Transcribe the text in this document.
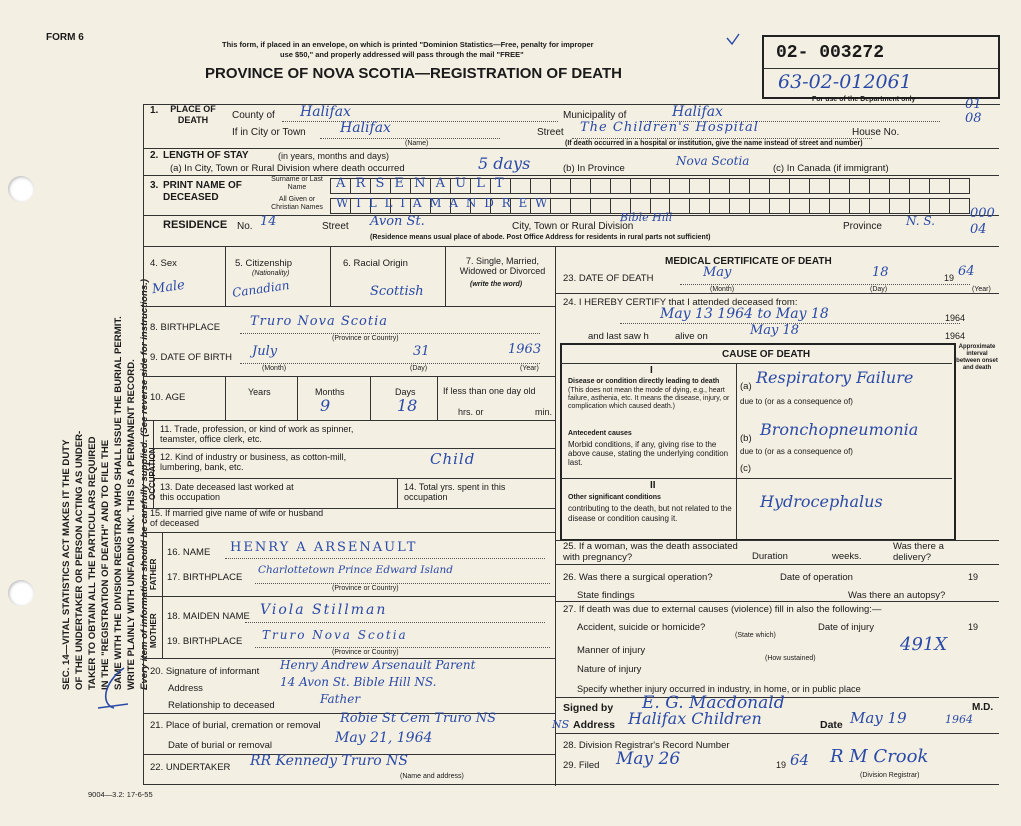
FORM 6
SEC. 14—VITAL STATISTICS ACT MAKES IT THE DUTY OF THE UNDERTAKER OR PERSON ACTING AS UNDER- TAKER TO OBTAIN ALL THE PARTICULARS REQUIRED IN THE "REGISTRATION OF DEATH" AND TO FILE THE SAME WITH THE DIVISION REGISTRAR WHO SHALL ISSUE THE BURIAL PERMIT. WRITE PLAINLY WITH UNFADING INK. THIS IS A PERMANENT RECORD. Every item of information should be carefully supplied. (See reverse side for instructions.)
This form, if placed in an envelope, on which is printed "Dominion Statistics—Free, penalty for improper
use $50," and properly addressed will pass through the mail "FREE"
PROVINCE OF NOVA SCOTIA—REGISTRATION OF DEATH
02- 003272
63-02-012061
For use of the Department only
1.	PLACE OF DEATH	County of Halifax	Municipality of	Halifax	01 08
If in City or Town Halifax
(Name)
Street The Children's Hospital	House No.
(If death occurred in a hospital or institution, give the name instead of street and number)
2. LENGTH OF STAY	(in years, months and days)
(a) In City, Town or Rural Division where death occurred	5 days	(b) In Province
Nova Scotia
(c) In Canada (if immigrant)
3. PRINT NAME OF DECEASED
Surname or Last Name	A R S E N A U L T
All Given or Christian Names W I L L I A M A N D R E W
RESIDENCE No. 14	Street Avon St.	City, Town or Rural Division
Bible Hill
Province N. S.	000 04
(Residence means usual place of abode. Post Office Address for residents in rural parts not sufficient)
4. Sex
Male
5. Citizenship
(Nationality)
Canadian
6. Racial Origin
Scottish
7. Single, Married, Widowed or Divorced
(write the word)
8. BIRTHPLACE Truro Nova Scotia
(Province or Country)
9. DATE OF BIRTH July	31	1963
(Month)	(Day)	(Year)
10. AGE	Years	Months
9
Days
18
If less than one day old
hrs. or	min.
OCCUPATION
11. Trade, profession, or kind of work as spinner, teamster, office clerk, etc.
12. Kind of industry or business, as cotton-mill, lumbering, bank, etc.	Child
13. Date deceased last worked at this occupation
14. Total yrs. spent in this occupation
15. If married give name of wife or husband of deceased
FATHER
MOTHER
16. NAME HENRY A ARSENAULT
17. BIRTHPLACE
Charlottetown Prince Edward Island
(Province or Country)
18. MAIDEN NAME Viola Stillman
19. BIRTHPLACE Truro Nova Scotia
(Province or Country)
20. Signature of informant Henry Andrew Arsenault Parent
Address	14 Avon St. Bible Hill NS.
Relationship to deceased	Father
21. Place of burial, cremation or removal Robie St Cem Truro NS
Date of burial or removal	May 21, 1964
22. UNDERTAKER RR Kennedy Truro NS
(Name and address)
9004—3.2: 17-6-55
MEDICAL CERTIFICATE OF DEATH
23. DATE OF DEATH	May	18	19 64
(Month)	(Day)	(Year)
24. I HEREBY CERTIFY that I attended deceased from:
May 13 1964 to May 18	1964
and last saw h	alive on	May 18	1964
CAUSE OF DEATH
Approximate interval between onset and death
I
Disease or condition directly leading to death
(This does not mean the mode of dying, e.g., heart failure, asthenia, etc. It means the disease, injury, or complication which caused death.)
(a) Respiratory Failure
due to (or as a consequence of)
Antecedent causes
Morbid conditions, if any, giving rise to the above cause, stating the underlying condition last.
(b) Bronchopneumonia
due to (or as a consequence of)
(c)
II
Other significant conditions
contributing to the death, but not related to the disease or condition causing it.
Hydrocephalus
25. If a woman, was the death associated with pregnancy?	Duration	weeks.
Was there a delivery?
26. Was there a surgical operation?	Date of operation	19
State findings	Was there an autopsy?
27. If death was due to external causes (violence) fill in also the following:—
Accident, suicide or homicide?
(State which)
Date of injury	19
Manner of injury	491X
(How sustained)
Nature of injury
Specify whether injury occurred in industry, in home, or in public place
Signed by E. G. Macdonald	M.D.
NS Address Halifax Children	Date May 19	1964
28. Division Registrar's Record Number
29. Filed May 26	19 64 R M Crook
(Division Registrar)
